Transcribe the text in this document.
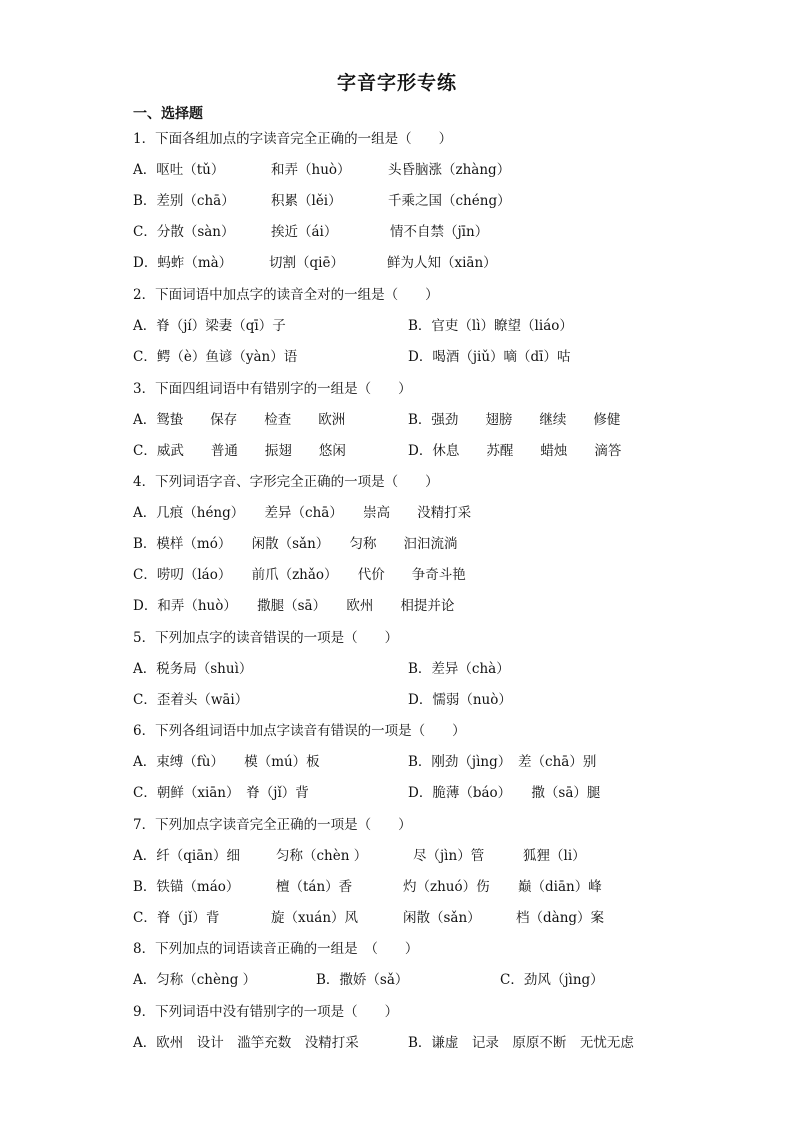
字音字形专练
一、选择题
1．下面各组加点的字读音完全正确的一组是（　　）
A．呕吐（tǔ）	和弄（huò）	头昏脑涨（zhàng）
B．差别（chā）	积累（lěi）	千乘之国（chéng）
C．分散（sàn）	挨近（ái）	情不自禁（jīn）
D．蚂蚱（mà）	切割（qiē）	鲜为人知（xiān）
2．下面词语中加点字的读音全对的一组是（　　）
A．脊（jí）梁妻（qī）子	B．官吏（lì）瞭望（liáo）
C．鳄（è）鱼谚（yàn）语	D．喝酒（jiǔ）嘀（dī）咕
3．下面四组词语中有错别字的一组是（　　）
A．鸳蛰　　保存　　检查　　欧洲	B．强劲　　翅膀　　继续　　修健
C．威武　　普通　　振翅　　悠闲	D．休息　　苏醒　　蜡烛　　滴答
4．下列词语字音、字形完全正确的一项是（　　）
A．几痕（héng）　　差异（chā）　　崇高　　没精打采
B．模样（mó）　　闲散（sǎn）　　匀称　　汩汩流淌
C．唠叨（láo）　　前爪（zhǎo）　　代价　　争奇斗艳
D．和弄（huò）　　撒腿（sā）　　欧州　　相提并论
5．下列加点字的读音错误的一项是（　　）
A．税务局（shuì）	B．差异（chà）
C．歪着头（wāi）	D．懦弱（nuò）
6．下列各组词语中加点字读音有错误的一项是（　　）
A．束缚（fù）　　模（mú）板	B．刚劲（jìng）　差（chā）别
C．朝鲜（xiān）　脊（jǐ）背	D．脆薄（báo）　　撒（sā）腿
7．下列加点字读音完全正确的一项是（　　）
A．纤（qiān）细	匀称（chèn ）	尽（jìn）管	狐狸（li）
B．铁锚（máo）	檀（tán）香	灼（zhuó）伤 巅（diān）峰
C．脊（jǐ）背	旋（xuán）风	闲散（sǎn）	档（dàng）案
8．下列加点的词语读音正确的一组是　（　　）
A．匀称（chèng ）	B．撒娇（sǎ）	C．劲风（jìng）
9．下列词语中没有错别字的一项是（　　）
A．欧州　设计　滥竽充数　没精打采	B．谦虚　记录　原原不断　无忧无虑
